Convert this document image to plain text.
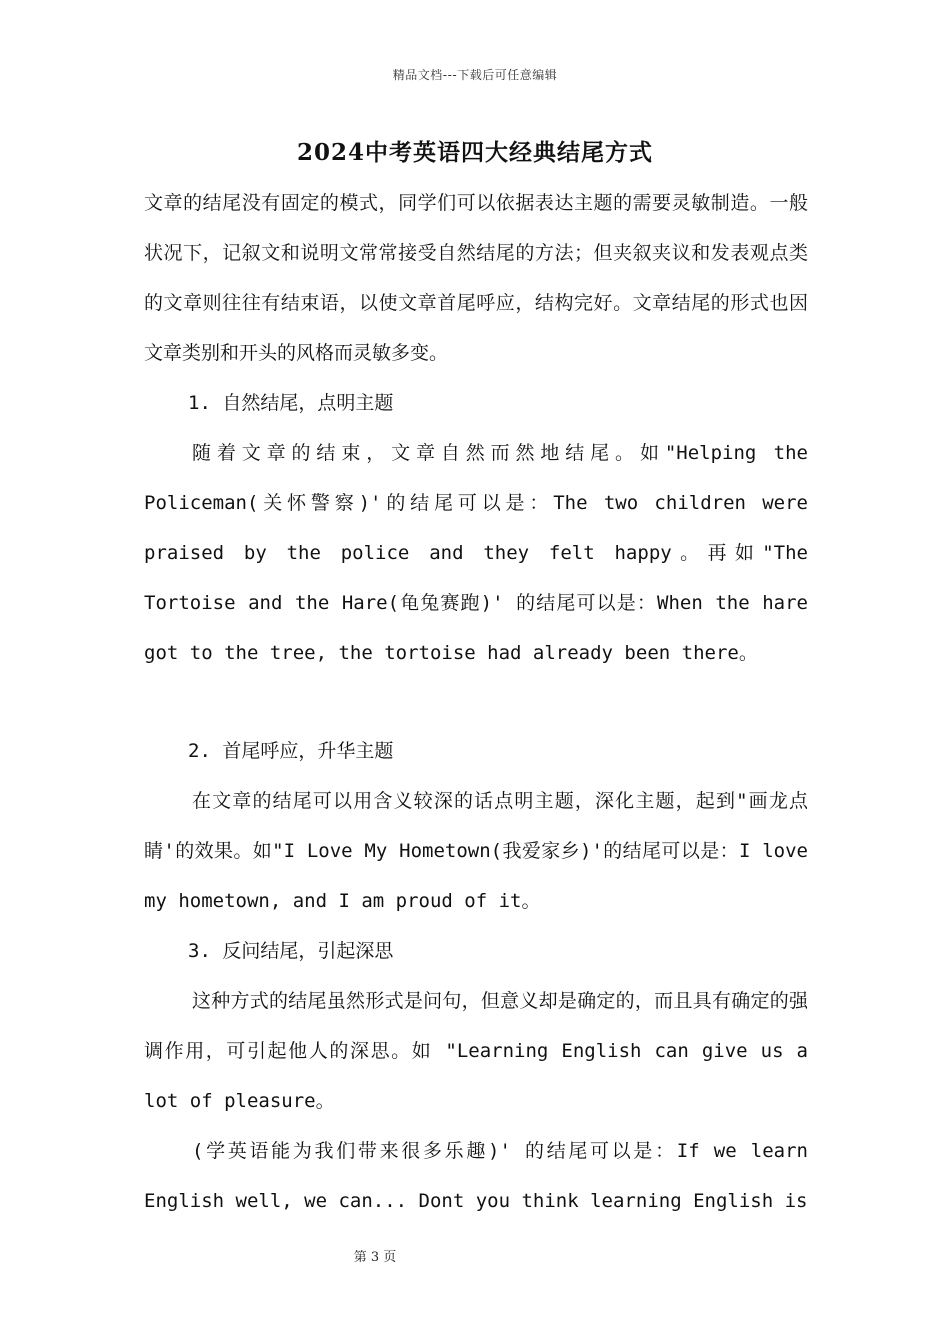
精品文档---下载后可任意编辑
2024中考英语四大经典结尾方式

文章的结尾没有固定的模式，同学们可以依据表达主题的需要灵敏制造。一般状况下，记叙文和说明文常常接受自然结尾的方法；但夹叙夹议和发表观点类的文章则往往有结束语，以使文章首尾呼应，结构完好。文章结尾的形式也因文章类别和开头的风格而灵敏多变。

1. 自然结尾，点明主题

随着文章的结束，文章自然而然地结尾。如"Helping the Policeman(关怀警察)'的结尾可以是：The two children were praised by the police and they felt happy。再如"The Tortoise and the Hare(龟兔赛跑)' 的结尾可以是：When the hare got to the tree, the tortoise had already been there。

2. 首尾呼应，升华主题

在文章的结尾可以用含义较深的话点明主题，深化主题，起到"画龙点睛'的效果。如"I Love My Hometown(我爱家乡)'的结尾可以是：I love my hometown, and I am proud of it。

3. 反问结尾，引起深思

这种方式的结尾虽然形式是问句，但意义却是确定的，而且具有确定的强调作用，可引起他人的深思。如 "Learning English can give us a lot of pleasure。

(学英语能为我们带来很多乐趣)' 的结尾可以是：If we learn English well, we can... Dont you think learning English is

第 3 页
